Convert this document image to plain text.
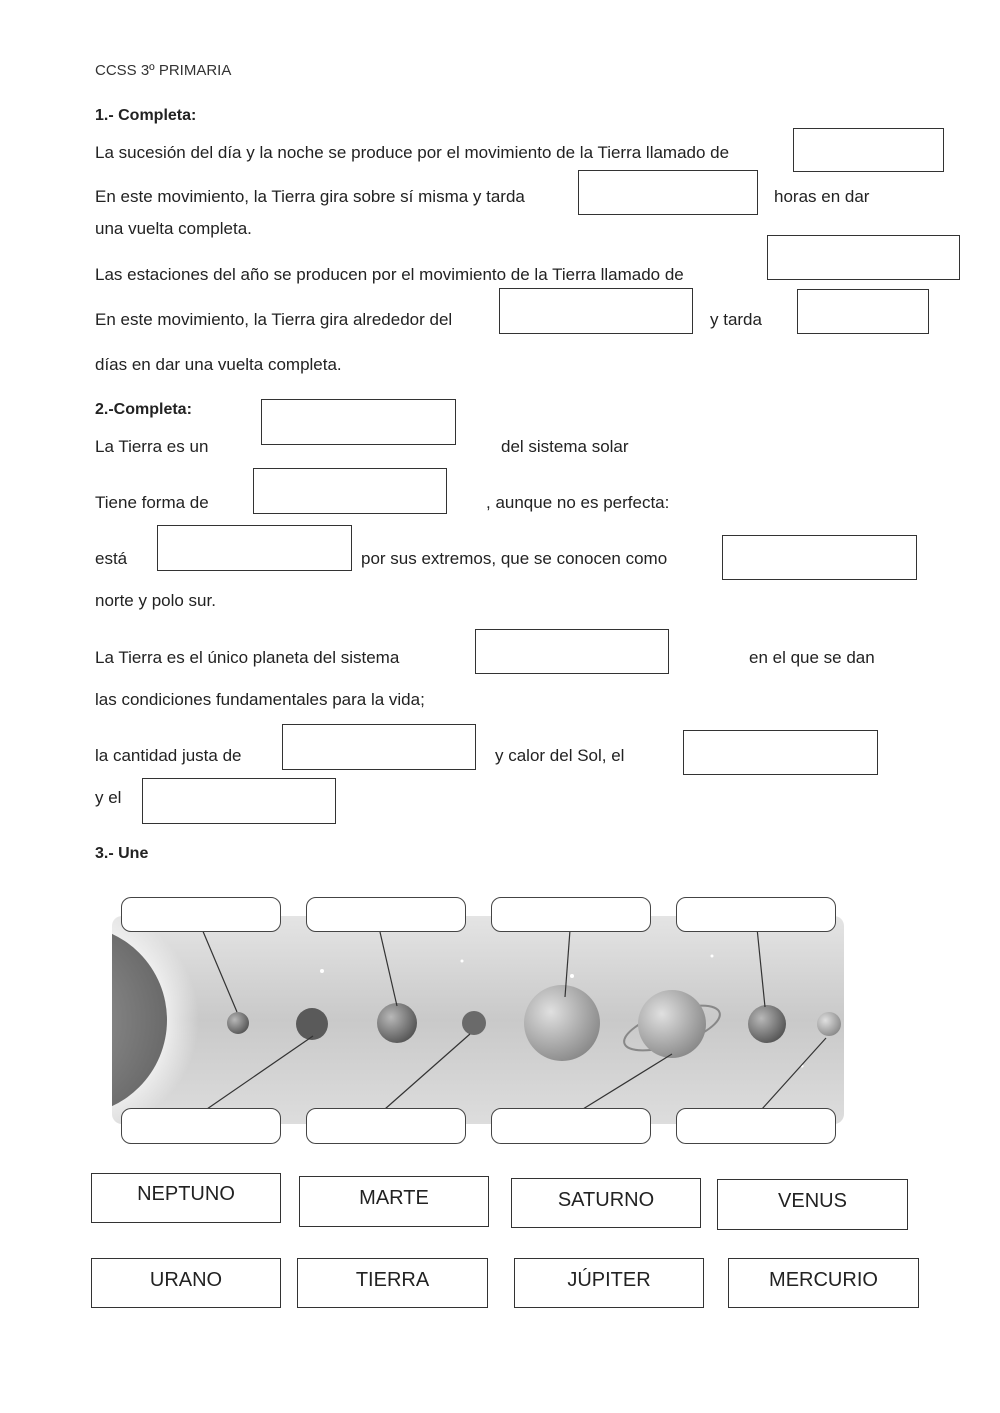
CCSS 3º PRIMARIA
1.- Completa:
La sucesión del día y la noche se produce por el movimiento de la Tierra llamado de
En este movimiento, la Tierra gira sobre sí misma y tarda	horas en dar
una vuelta completa.
Las estaciones del año se producen por el movimiento de la Tierra llamado de
En este movimiento, la Tierra gira alrededor del	y tarda
días en dar una vuelta completa.
2.-Completa:
La Tierra es un	del sistema solar
Tiene forma de	, aunque no es perfecta:
está	por sus extremos, que se conocen como
norte y polo sur.
La Tierra es el único planeta del sistema	en el que se dan
las condiciones fundamentales para la vida;
la cantidad justa de	y calor del Sol, el
y el
3.- Une
NEPTUNO	MARTE	SATURNO	VENUS
URANO	TIERRA	JÚPITER	MERCURIO
